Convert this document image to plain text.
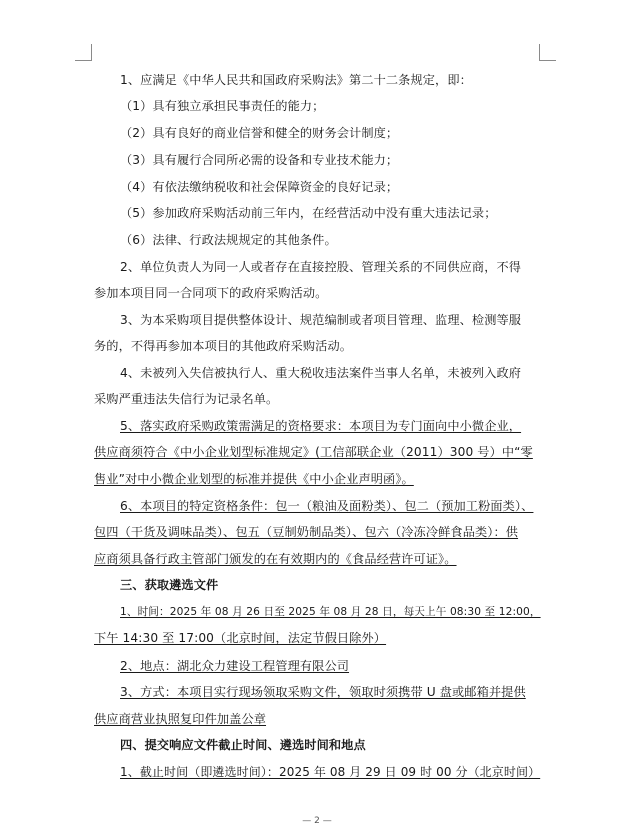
1、应满足《中华人民共和国政府采购法》第二十二条规定，即：
（1）具有独立承担民事责任的能力；
（2）具有良好的商业信誉和健全的财务会计制度；
（3）具有履行合同所必需的设备和专业技术能力；
（4）有依法缴纳税收和社会保障资金的良好记录；
（5）参加政府采购活动前三年内，在经营活动中没有重大违法记录；
（6）法律、行政法规规定的其他条件。
2、单位负责人为同一人或者存在直接控股、管理关系的不同供应商，不得
参加本项目同一合同项下的政府采购活动。
3、为本采购项目提供整体设计、规范编制或者项目管理、监理、检测等服
务的，不得再参加本项目的其他政府采购活动。
4、未被列入失信被执行人、重大税收违法案件当事人名单，未被列入政府
采购严重违法失信行为记录名单。
5、落实政府采购政策需满足的资格要求：本项目为专门面向中小微企业，
供应商须符合《中小企业划型标准规定》(工信部联企业（2011）300 号）中“零
售业”对中小微企业划型的标准并提供《中小企业声明函》。
6、本项目的特定资格条件：包一（粮油及面粉类）、包二（预加工粉面类）、
包四（干货及调味品类）、包五（豆制奶制品类）、包六（冷冻冷鲜食品类）：供
应商须具备行政主管部门颁发的在有效期内的《食品经营许可证》。
三、获取遴选文件
1、时间：2025 年 08 月 26 日至 2025 年 08 月 28 日，每天上午 08:30 至 12:00，
下午 14:30 至 17:00（北京时间，法定节假日除外）
2、地点：湖北众力建设工程管理有限公司
3、方式：本项目实行现场领取采购文件，领取时须携带 U 盘或邮箱并提供
供应商营业执照复印件加盖公章
四、提交响应文件截止时间、遴选时间和地点
1、截止时间（即遴选时间）：2025 年 08 月 29 日 09 时 00 分（北京时间）
— 2 —
